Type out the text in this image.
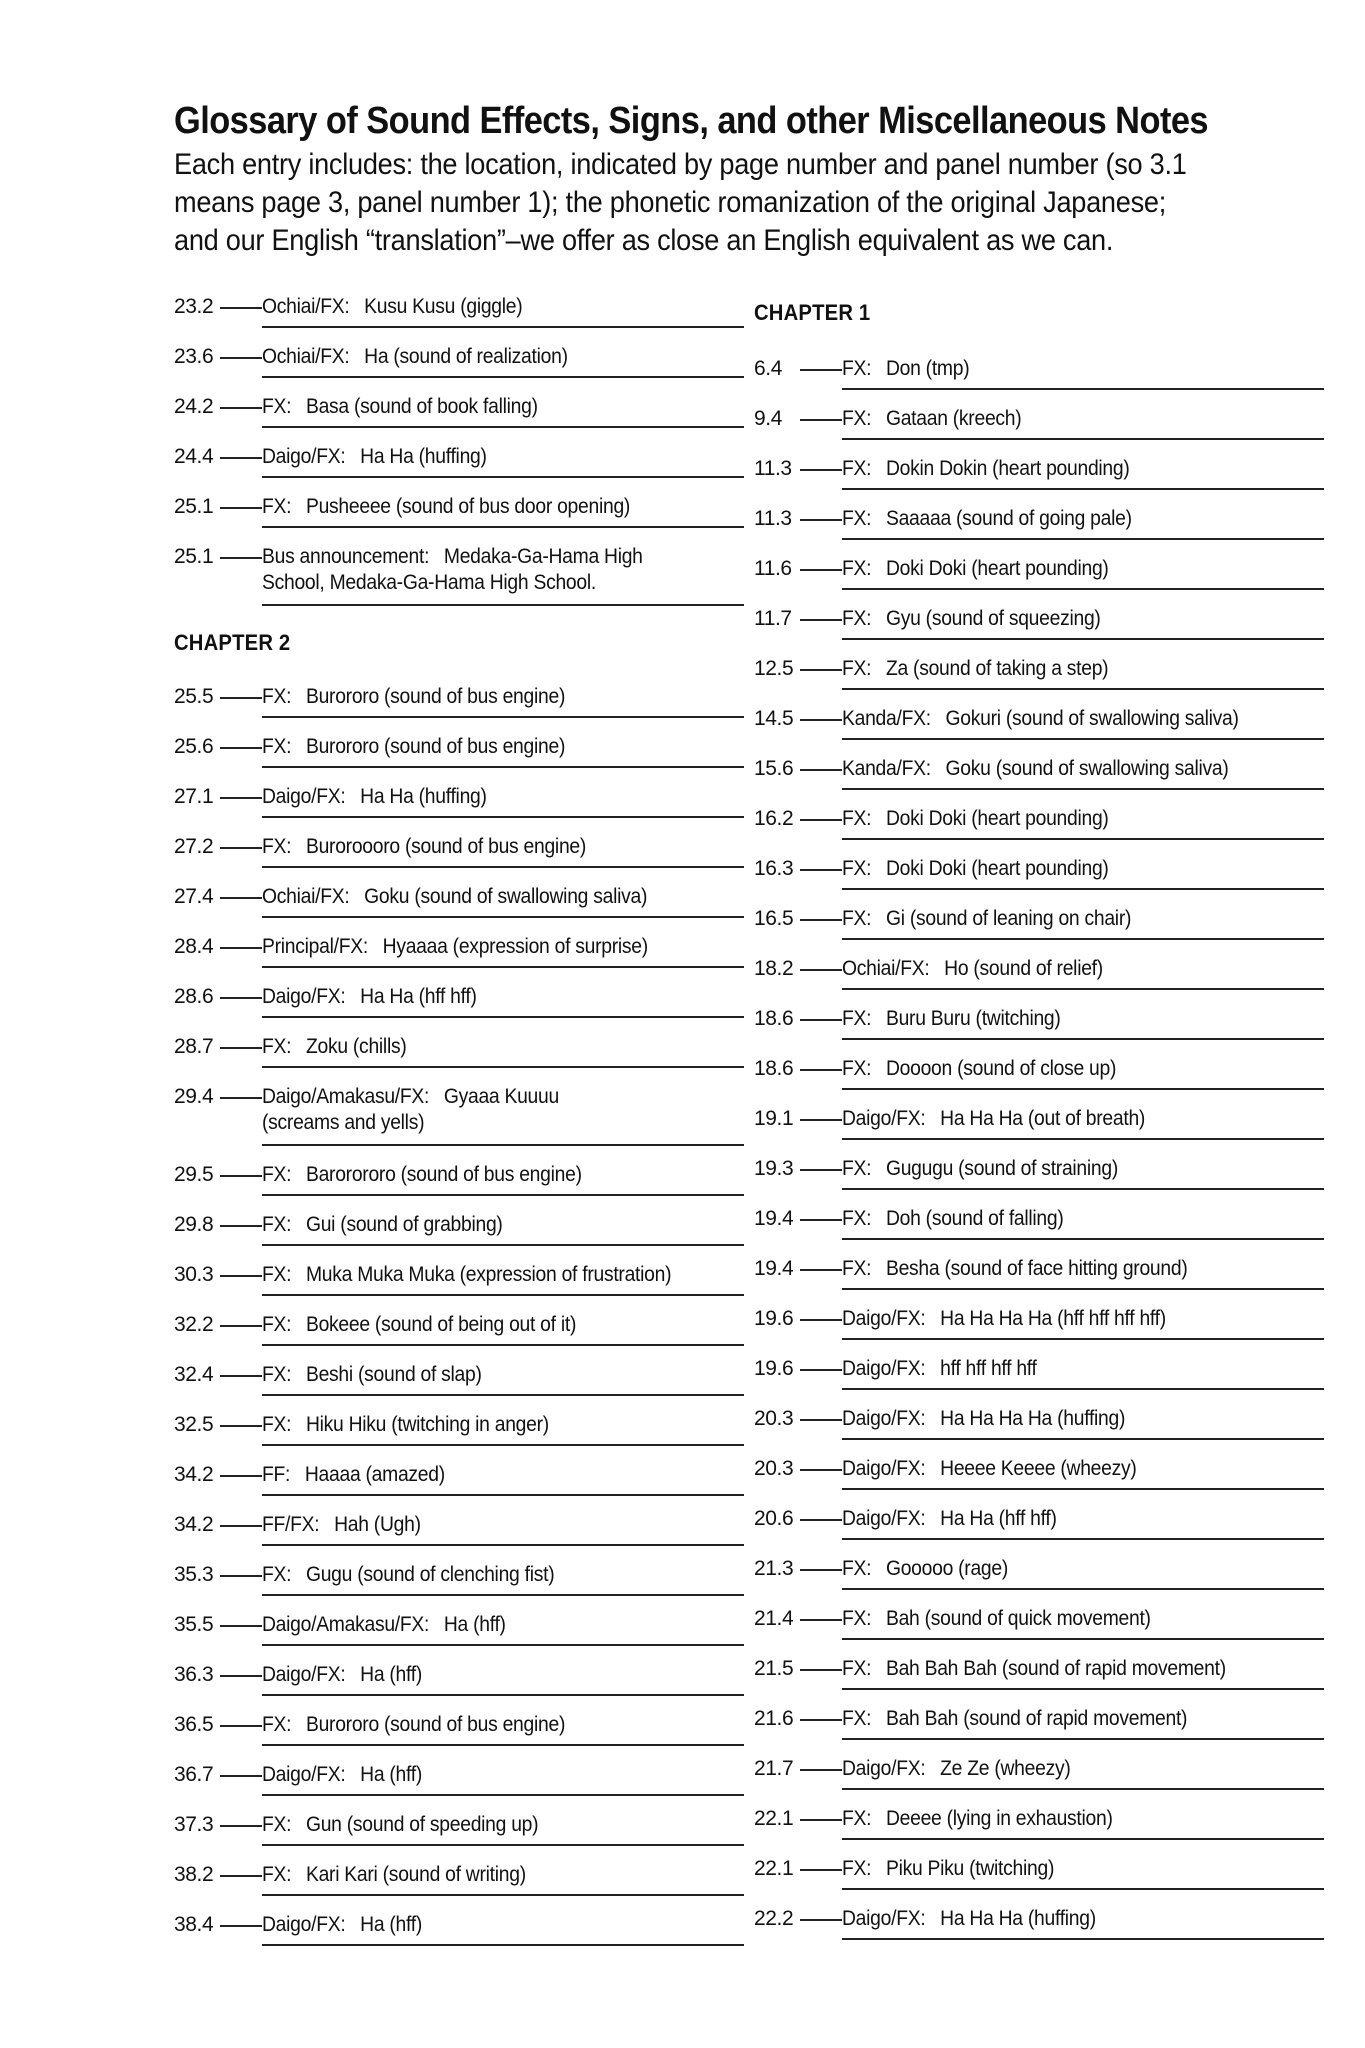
Glossary of Sound Effects, Signs, and other Miscellaneous Notes
Each entry includes: the location, indicated by page number and panel number (so 3.1
means page 3, panel number 1); the phonetic romanization of the original Japanese;
and our English “translation”–we offer as close an English equivalent as we can.
23.2	Ochiai/FX: Kusu Kusu (giggle)
23.6	Ochiai/FX: Ha (sound of realization)
24.2	FX: Basa (sound of book falling)
24.4	Daigo/FX: Ha Ha (huffing)
25.1	FX: Pusheeee (sound of bus door opening)
25.1	Bus announcement: Medaka-Ga-Hama High
School, Medaka-Ga-Hama High School.
CHAPTER 2
25.5	FX: Burororo (sound of bus engine)
25.6	FX: Burororo (sound of bus engine)
27.1	Daigo/FX: Ha Ha (huffing)
27.2	FX: Buroroooro (sound of bus engine)
27.4	Ochiai/FX: Goku (sound of swallowing saliva)
28.4	Principal/FX: Hyaaaa (expression of surprise)
28.6	Daigo/FX: Ha Ha (hff hff)
28.7	FX: Zoku (chills)
29.4	Daigo/Amakasu/FX: Gyaaa Kuuuu
(screams and yells)
29.5	FX: Barorororo (sound of bus engine)
29.8	FX: Gui (sound of grabbing)
30.3	FX: Muka Muka Muka (expression of frustration)
32.2	FX: Bokeee (sound of being out of it)
32.4	FX: Beshi (sound of slap)
32.5	FX: Hiku Hiku (twitching in anger)
34.2	FF: Haaaa (amazed)
34.2	FF/FX: Hah (Ugh)
35.3	FX: Gugu (sound of clenching fist)
35.5	Daigo/Amakasu/FX: Ha (hff)
36.3	Daigo/FX: Ha (hff)
36.5	FX: Burororo (sound of bus engine)
36.7	Daigo/FX: Ha (hff)
37.3	FX: Gun (sound of speeding up)
38.2	FX: Kari Kari (sound of writing)
38.4	Daigo/FX: Ha (hff)
CHAPTER 1
6.4	FX: Don (tmp)
9.4	FX: Gataan (kreech)
11.3	FX: Dokin Dokin (heart pounding)
11.3	FX: Saaaaa (sound of going pale)
11.6	FX: Doki Doki (heart pounding)
11.7	FX: Gyu (sound of squeezing)
12.5	FX: Za (sound of taking a step)
14.5	Kanda/FX: Gokuri (sound of swallowing saliva)
15.6	Kanda/FX: Goku (sound of swallowing saliva)
16.2	FX: Doki Doki (heart pounding)
16.3	FX: Doki Doki (heart pounding)
16.5	FX: Gi (sound of leaning on chair)
18.2	Ochiai/FX: Ho (sound of relief)
18.6	FX: Buru Buru (twitching)
18.6	FX: Doooon (sound of close up)
19.1	Daigo/FX: Ha Ha Ha (out of breath)
19.3	FX: Gugugu (sound of straining)
19.4	FX: Doh (sound of falling)
19.4	FX: Besha (sound of face hitting ground)
19.6	Daigo/FX: Ha Ha Ha Ha (hff hff hff hff)
19.6	Daigo/FX: hff hff hff hff
20.3	Daigo/FX: Ha Ha Ha Ha (huffing)
20.3	Daigo/FX: Heeee Keeee (wheezy)
20.6	Daigo/FX: Ha Ha (hff hff)
21.3	FX: Gooooo (rage)
21.4	FX: Bah (sound of quick movement)
21.5	FX: Bah Bah Bah (sound of rapid movement)
21.6	FX: Bah Bah (sound of rapid movement)
21.7	Daigo/FX: Ze Ze (wheezy)
22.1	FX: Deeee (lying in exhaustion)
22.1	FX: Piku Piku (twitching)
22.2	Daigo/FX: Ha Ha Ha (huffing)
